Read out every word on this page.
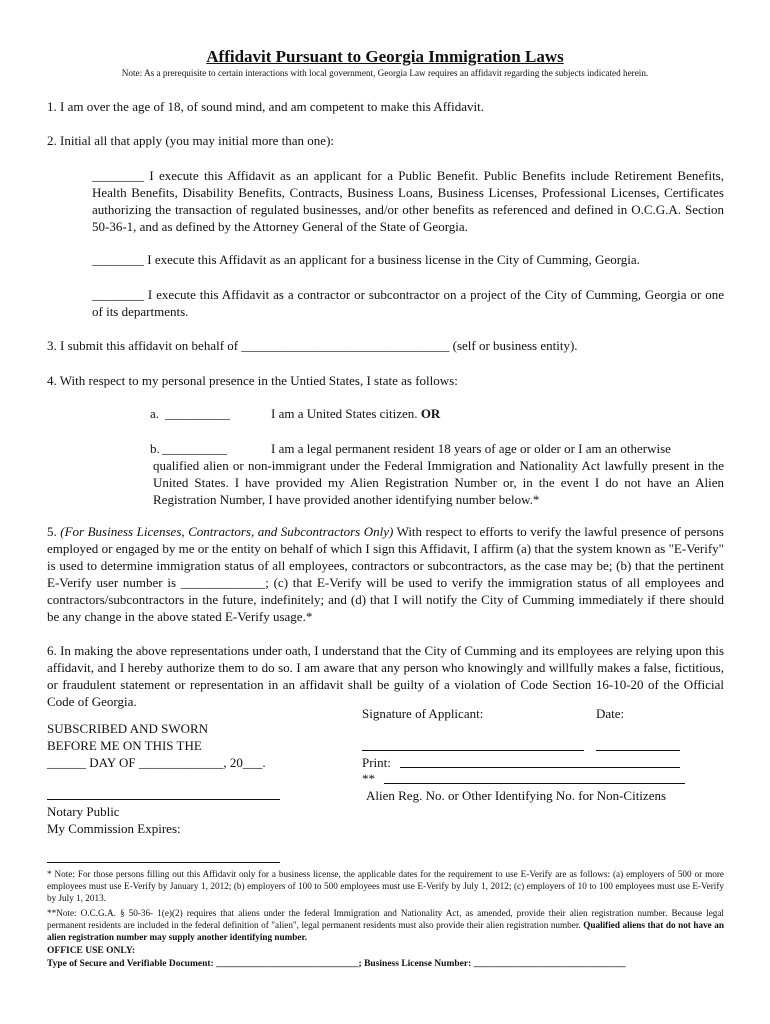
Affidavit Pursuant to Georgia Immigration Laws
Note: As a prerequisite to certain interactions with local government, Georgia Law requires an affidavit regarding the subjects indicated herein.
1. I am over the age of 18, of sound mind, and am competent to make this Affidavit.
2. Initial all that apply (you may initial more than one):
________ I execute this Affidavit as an applicant for a Public Benefit. Public Benefits include Retirement Benefits, Health Benefits, Disability Benefits, Contracts, Business Loans, Business Licenses, Professional Licenses, Certificates authorizing the transaction of regulated businesses, and/or other benefits as referenced and defined in O.C.G.A. Section 50-36-1, and as defined by the Attorney General of the State of Georgia.
________ I execute this Affidavit as an applicant for a business license in the City of Cumming, Georgia.
________ I execute this Affidavit as a contractor or subcontractor on a project of the City of Cumming, Georgia or one of its departments.
3. I submit this affidavit on behalf of ________________________________ (self or business entity).
4. With respect to my personal presence in the Untied States, I state as follows:
a. __________	I am a United States citizen. OR
b. __________	I am a legal permanent resident 18 years of age or older or I am an otherwise
qualified alien or non-immigrant under the Federal Immigration and Nationality Act lawfully present in the United States. I have provided my Alien Registration Number or, in the event I do not have an Alien Registration Number, I have provided another identifying number below.*
5. (For Business Licenses, Contractors, and Subcontractors Only) With respect to efforts to verify the lawful presence of persons employed or engaged by me or the entity on behalf of which I sign this Affidavit, I affirm (a) that the system known as "E-Verify" is used to determine immigration status of all employees, contractors or subcontractors, as the case may be; (b) that the pertinent E-Verify user number is _____________; (c) that E-Verify will be used to verify the immigration status of all employees and contractors/subcontractors in the future, indefinitely; and (d) that I will notify the City of Cumming immediately if there should be any change in the above stated E-Verify usage.*
6. In making the above representations under oath, I understand that the City of Cumming and its employees are relying upon this affidavit, and I hereby authorize them to do so. I am aware that any person who knowingly and willfully makes a false, fictitious, or fraudulent statement or representation in an affidavit shall be guilty of a violation of Code Section 16-10-20 of the Official Code of Georgia.
Signature of Applicant:	Date:
SUBSCRIBED AND SWORN
BEFORE ME ON THIS THE
______ DAY OF _____________, 20___.	Print:
**
Alien Reg. No. or Other Identifying No. for Non-Citizens
Notary Public
My Commission Expires:
* Note: For those persons filling out this Affidavit only for a business license, the applicable dates for the requirement to use E-Verify are as follows: (a) employers of 500 or more employees must use E-Verify by January 1, 2012; (b) employers of 100 to 500 employees must use E-Verify by July 1, 2012; (c) employers of 10 to 100 employees must use E-Verify by July 1, 2013.
**Note: O.C.G.A. § 50-36- 1(e)(2) requires that aliens under the federal Immigration and Nationality Act, as amended, provide their alien registration number. Because legal permanent residents are included in the federal definition of "alien", legal permanent residents must also provide their alien registration number. Qualified aliens that do not have an alien registration number may supply another identifying number.
OFFICE USE ONLY:
Type of Secure and Verifiable Document: ______________________________; Business License Number: ________________________________
